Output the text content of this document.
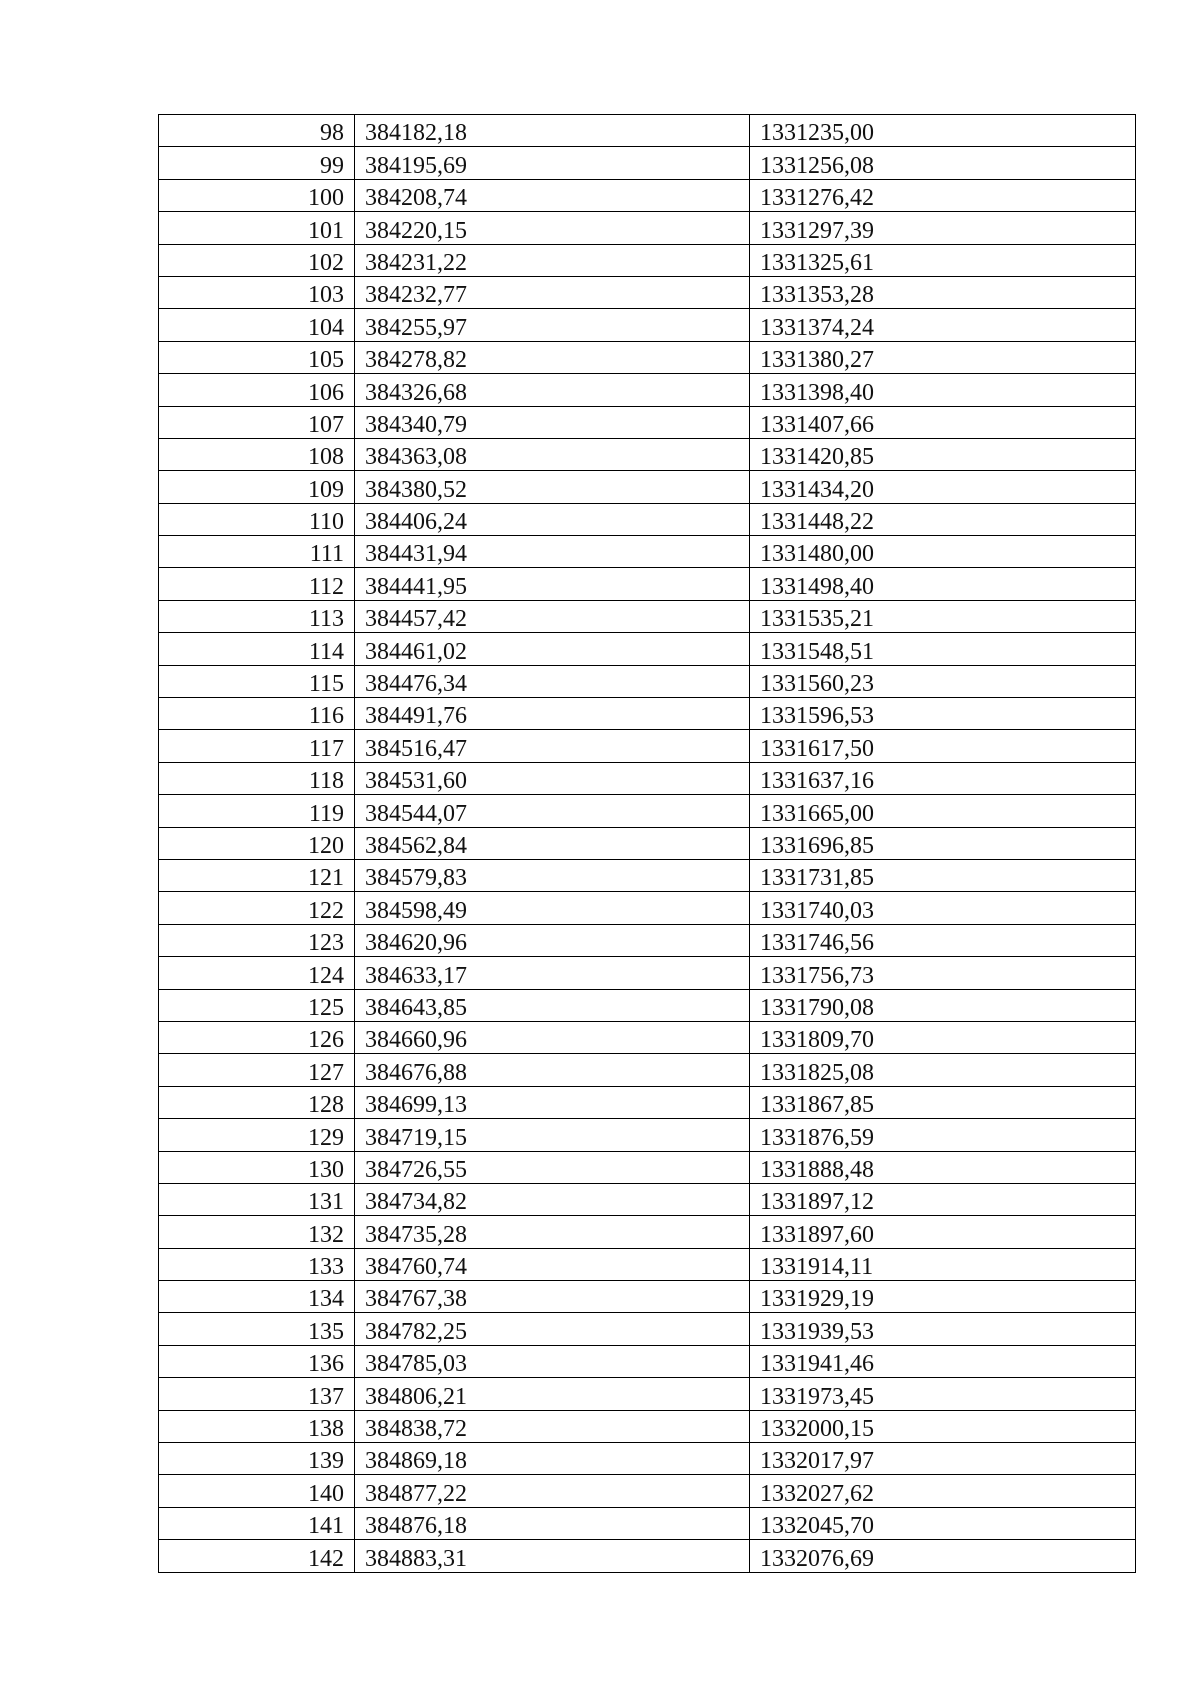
98	384182,18	1331235,00
99	384195,69	1331256,08
100	384208,74	1331276,42
101	384220,15	1331297,39
102	384231,22	1331325,61
103	384232,77	1331353,28
104	384255,97	1331374,24
105	384278,82	1331380,27
106	384326,68	1331398,40
107	384340,79	1331407,66
108	384363,08	1331420,85
109	384380,52	1331434,20
110	384406,24	1331448,22
111	384431,94	1331480,00
112	384441,95	1331498,40
113	384457,42	1331535,21
114	384461,02	1331548,51
115	384476,34	1331560,23
116	384491,76	1331596,53
117	384516,47	1331617,50
118	384531,60	1331637,16
119	384544,07	1331665,00
120	384562,84	1331696,85
121	384579,83	1331731,85
122	384598,49	1331740,03
123	384620,96	1331746,56
124	384633,17	1331756,73
125	384643,85	1331790,08
126	384660,96	1331809,70
127	384676,88	1331825,08
128	384699,13	1331867,85
129	384719,15	1331876,59
130	384726,55	1331888,48
131	384734,82	1331897,12
132	384735,28	1331897,60
133	384760,74	1331914,11
134	384767,38	1331929,19
135	384782,25	1331939,53
136	384785,03	1331941,46
137	384806,21	1331973,45
138	384838,72	1332000,15
139	384869,18	1332017,97
140	384877,22	1332027,62
141	384876,18	1332045,70
142	384883,31	1332076,69
